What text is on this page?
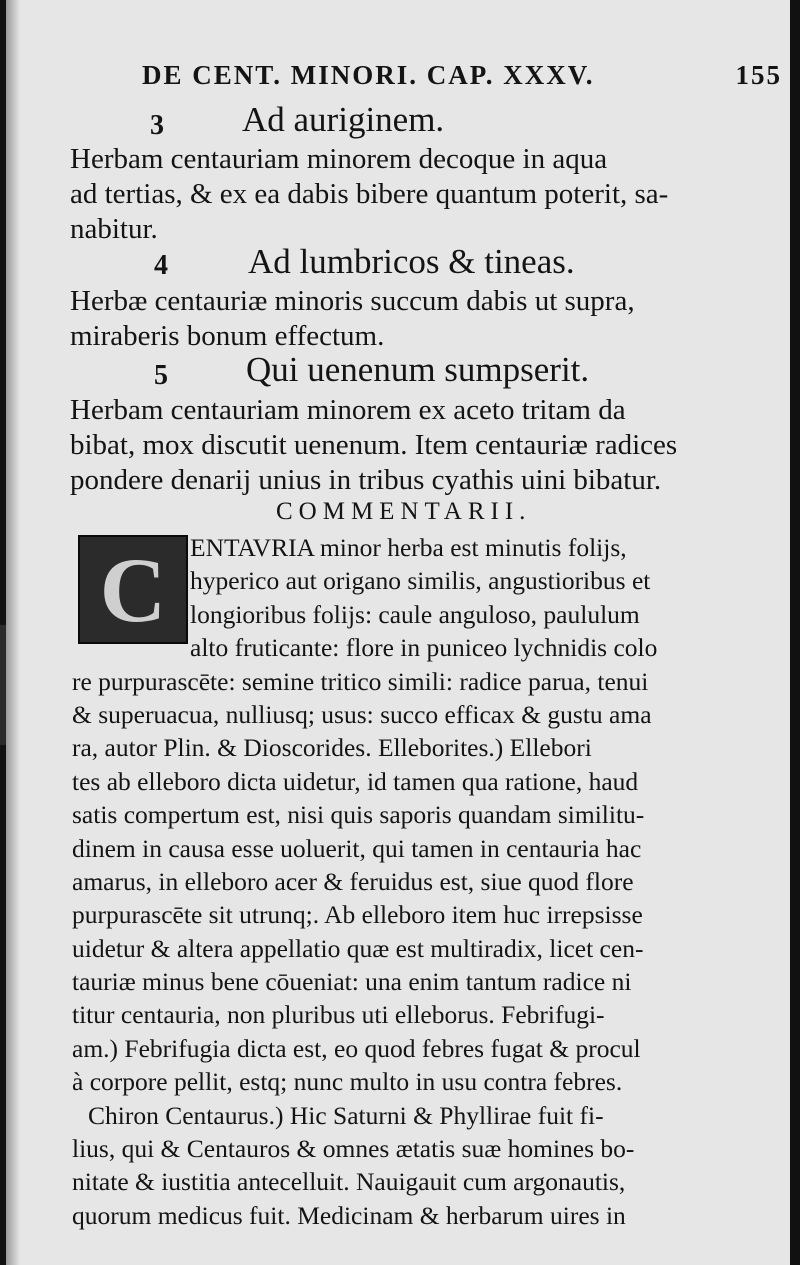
DE CENT. MINORI. CAP. XXXV.	155
3 Ad auriginem.
Herbam centauriam minorem decoque in aqua
ad tertias, & ex ea dabis bibere quantum poterit, sa-
nabitur.
4 Ad lumbricos & tineas.
Herbæ centauriæ minoris succum dabis ut supra,
miraberis bonum effectum.
5 Qui uenenum sumpserit.
Herbam centauriam minorem ex aceto tritam da
bibat, mox discutit uenenum. Item centauriæ radices
pondere denarij unius in tribus cyathis uini bibatur.
COMMENTARII.
C ENTAVRIA minor herba est minutis folijs,
hyperico aut origano similis, angustioribus et
longioribus folijs: caule anguloso, paululum
alto fruticante: flore in puniceo lychnidis colo
re purpurascēte: semine tritico simili: radice parua, tenui
& superuacua, nulliusq; usus: succo efficax & gustu ama
ra, autor Plin. & Dioscorides. Elleborites.) Ellebori
tes ab elleboro dicta uidetur, id tamen qua ratione, haud
satis compertum est, nisi quis saporis quandam similitu-
dinem in causa esse uoluerit, qui tamen in centauria hac
amarus, in elleboro acer & feruidus est, siue quod flore
purpurascēte sit utrunq;. Ab elleboro item huc irrepsisse
uidetur & altera appellatio quæ est multiradix, licet cen-
tauriæ minus bene cōueniat: una enim tantum radice ni
titur centauria, non pluribus uti elleborus. Febrifugi-
am.) Febrifugia dicta est, eo quod febres fugat & procul
à corpore pellit, estq; nunc multo in usu contra febres.
Chiron Centaurus.) Hic Saturni & Phyllirae fuit fi-
lius, qui & Centauros & omnes ætatis suæ homines bo-
nitate & iustitia antecelluit. Nauigauit cum argonautis,
quorum medicus fuit. Medicinam & herbarum uires in
